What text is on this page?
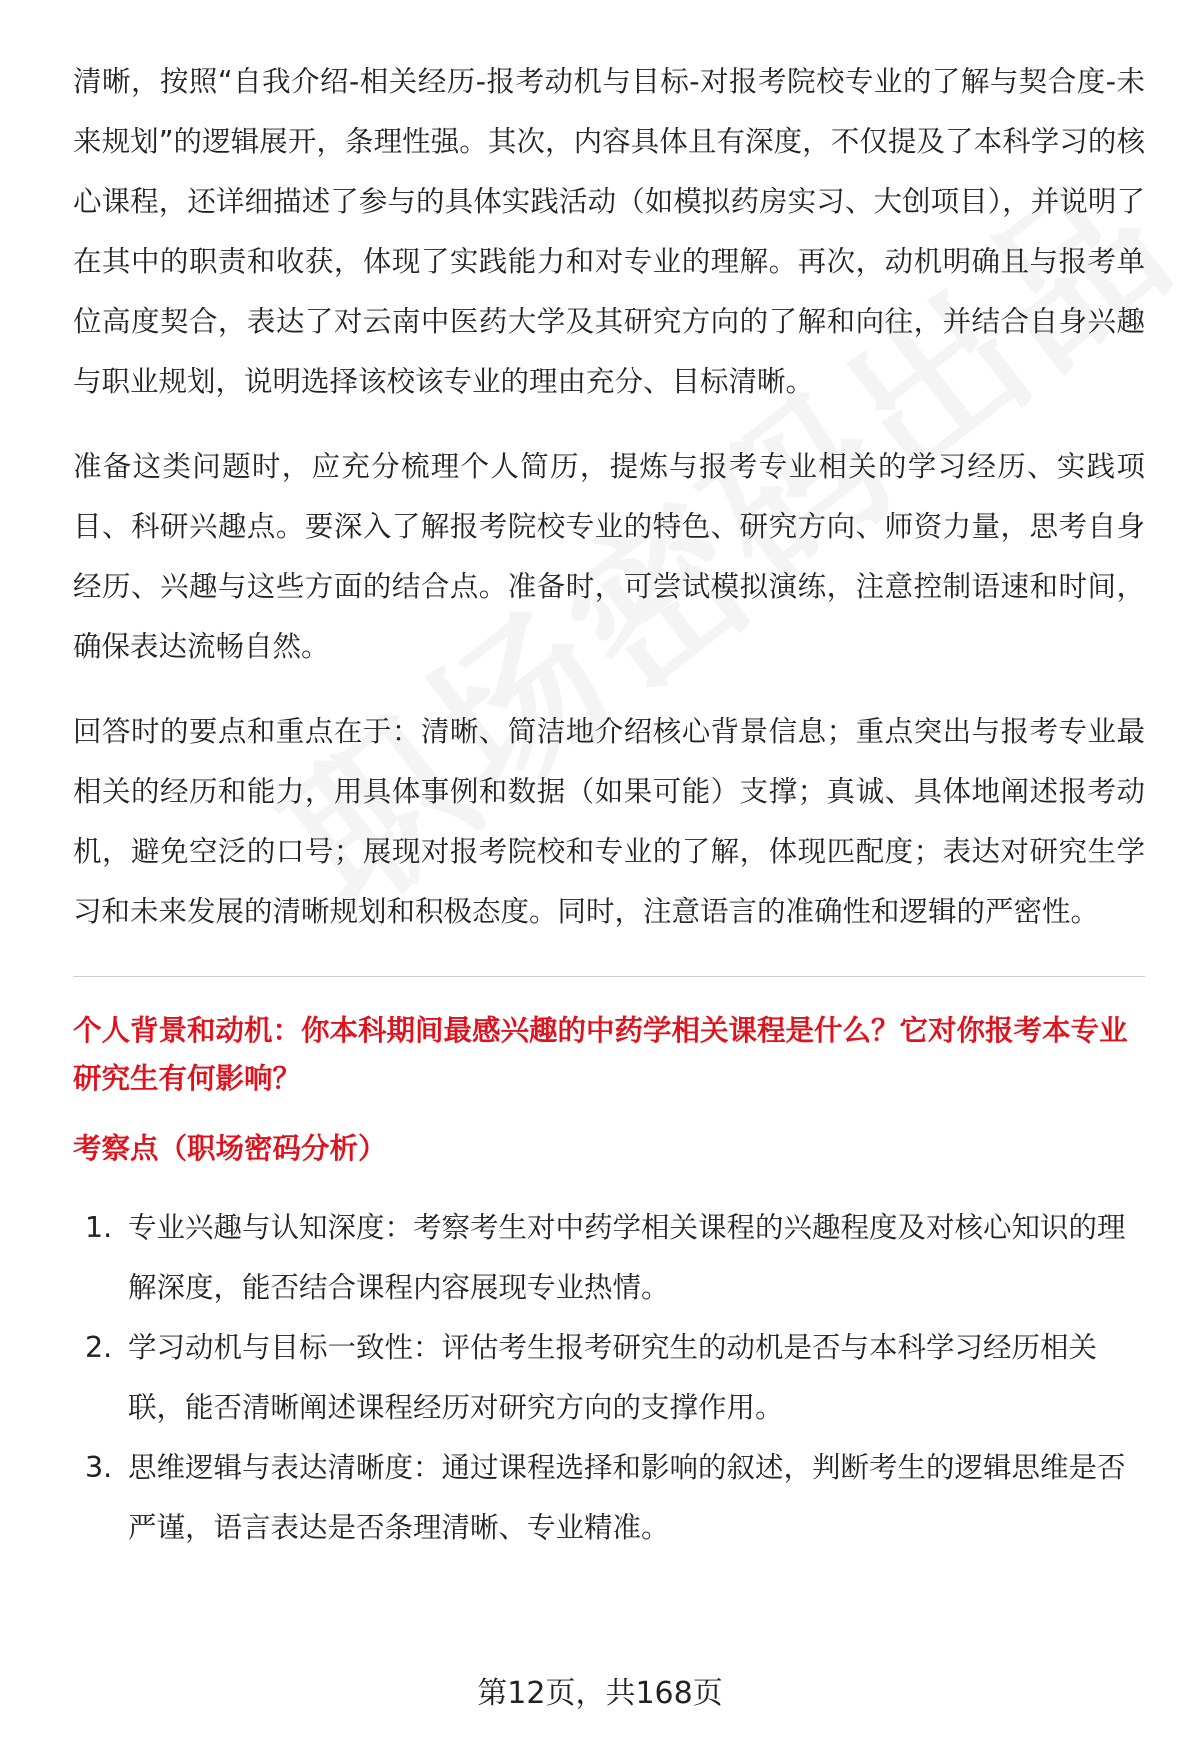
清晰，按照“自我介绍-相关经历-报考动机与目标-对报考院校专业的了解与契合度-未来规划”的逻辑展开，条理性强。其次，内容具体且有深度，不仅提及了本科学习的核心课程，还详细描述了参与的具体实践活动（如模拟药房实习、大创项目），并说明了在其中的职责和收获，体现了实践能力和对专业的理解。再次，动机明确且与报考单位高度契合，表达了对云南中医药大学及其研究方向的了解和向往，并结合自身兴趣与职业规划，说明选择该校该专业的理由充分、目标清晰。

准备这类问题时，应充分梳理个人简历，提炼与报考专业相关的学习经历、实践项目、科研兴趣点。要深入了解报考院校专业的特色、研究方向、师资力量，思考自身经历、兴趣与这些方面的结合点。准备时，可尝试模拟演练，注意控制语速和时间，确保表达流畅自然。

回答时的要点和重点在于：清晰、简洁地介绍核心背景信息；重点突出与报考专业最相关的经历和能力，用具体事例和数据（如果可能）支撑；真诚、具体地阐述报考动机，避免空泛的口号；展现对报考院校和专业的了解，体现匹配度；表达对研究生学习和未来发展的清晰规划和积极态度。同时，注意语言的准确性和逻辑的严密性。

个人背景和动机：你本科期间最感兴趣的中药学相关课程是什么？它对你报考本专业研究生有何影响？

考察点（职场密码分析）

1. 专业兴趣与认知深度：考察考生对中药学相关课程的兴趣程度及对核心知识的理解深度，能否结合课程内容展现专业热情。
2. 学习动机与目标一致性：评估考生报考研究生的动机是否与本科学习经历相关联，能否清晰阐述课程经历对研究方向的支撑作用。
3. 思维逻辑与表达清晰度：通过课程选择和影响的叙述，判断考生的逻辑思维是否严谨，语言表达是否条理清晰、专业精准。
第12页，共168页
